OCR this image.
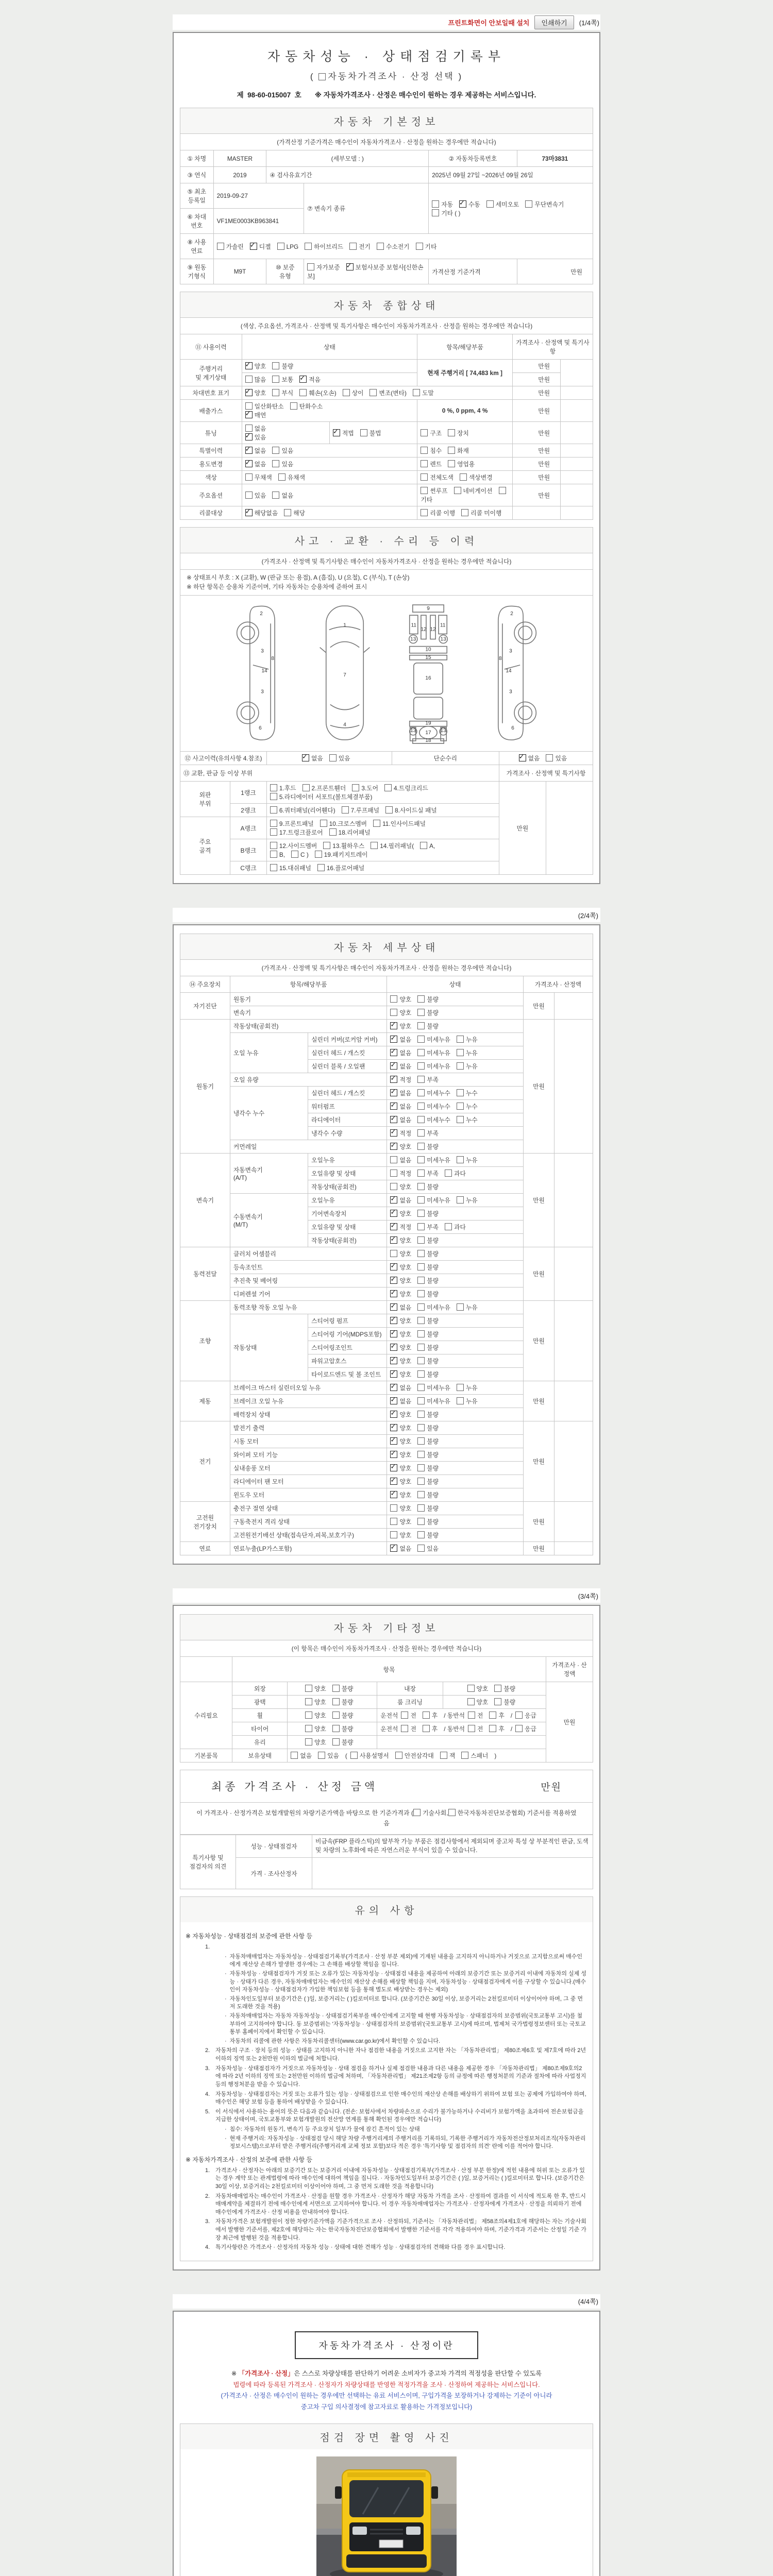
프린트화면이 안보일때 설치	인쇄하기	(1/4쪽)
자동차성능 · 상태점검기록부
( 자동차가격조사 · 산정 선택 )
제 98-60-015007 호 ※ 자동차가격조사 · 산정은 매수인이 원하는 경우 제공하는 서비스입니다.
자동차 기본정보
(가격산정 기준가격은 매수인이 자동차가격조사 · 산정을 원하는 경우에만 적습니다)
① 차명	MASTER	(세부모델 : )		② 자동차등록번호	73마3831
③ 연식	2019	④ 검사유효기간		2025년 09월 27일 ~2026년 09월 26일	
⑤ 최초
등록일	2019-09-27		⑦ 변속기 종류	자동 ✓ 수동 세미오토 무단변속기
기타 ( )
⑥ 차대
번호	VF1ME0003KB963841				
⑧ 사용
연료	가솔린 ✓ 디젤 LPG 하이브리드 전기 수소전기 기타
⑨ 원동
기형식	M9T	⑩ 보증
유형	자가보증 ✓ 보험사보증 보험사[신한손보]	가격산정 기준가격	만원
자동차 종합상태
(색상, 주요옵션, 가격조사 · 산정액 및 특기사항은 매수인이 자동차가격조사 · 산정을 원하는 경우에만 적습니다)
⑪ 사용이력	상태		항목/해당부품	가격조사 · 산정액 및 특기사
항	
주행거리
및 계기상태	✓양호 불량		현재 주행거리 [ 74,483 km ]	만원	
	많음 보통 ✓ 적음			만원	
차대번호 표기	✓양호 부식 훼손(오손) 상이 변조(변타) 도말			만원	
배출가스	일산화탄소 탄화수소
✓매연		0 %, 0 ppm, 4 %	만원	
튜닝	없음
✓있음	✓적법 불법	구조 장치	만원	
특별이력	✓없음 있음		침수 화재	만원	
용도변경	✓없음 있음		렌트 영업용	만원	
색상	무채색 유채색		전체도색 색상변경	만원	
주요옵션	있음 없음		썬루프 네비게이션기타	만원	
리콜대상	✓해당없음 해당		리콜 이행 리콜 미이행		
사고 · 교환 · 수리 등 이력
(가격조사 · 산정액 및 특기사항은 매수인이 자동차가격조사 · 산정을 원하는 경우에만 적습니다)
※ 상태표시 부호 : X (교환), W (판금 또는 용접), A (흠집), U (요철), C (부식), T (손상)
※ 하단 항목은 승용차 기준이며, 기타 자동차는 승용차에 준하여 표시
2
3
8
14
3
6
1
7
4
9
11	11
12 12
13	13
10
15
16
19
13	13
17
18
2
3
8
14
3
6
⑫ 사고이력(유의사항 4.참조)	✓없음 있음	단순수리	✓없음 있음
⑬ 교환, 판금 등 이상 부위				가격조사 · 산정액 및 특기사항	
외판
부위	1랭크	1.후드 2.프론트휀더 3.도어 4.트렁크리드
5.라디에이터 서포트(볼트체결부품)		만원	
	2랭크	6.쿼터패널(리어휀다) 7.루프패널 8.사이드실 패널			
주요
골격	A랭크	9.프론트패널 10.크로스멤버 11.인사이드패널
17.트렁크플로어 18.리어패널			
	B랭크	12.사이드멤버 13.휠하우스 14.필러패널( A,
B, C ) 19.패키지트레이			
	C랭크	15.대쉬패널 16.플로어패널			
(2/4쪽)
자동차 세부상태
(가격조사 · 산정액 및 특기사항은 매수인이 자동차가격조사 · 산정을 원하는 경우에만 적습니다)
⑭ 주요장치	항목/해당부품		상태	가격조사 · 산정액	
자기진단	원동기		양호 불량	만원	
	변속기		양호 불량		
원동기	작동상태(공회전)	✓양호 불량	만원	
	오일 누유	실린더 커버(로커암 커버)	✓없음 미세누유 누유
		실린더 헤드 / 개스킷	✓없음 미세누유 누유
		실린더 블록 / 오일팬	✓없음 미세누유 누유
	오일 유량	✓적정 부족
	냉각수 누수	실린더 헤드 / 개스킷	✓없음 미세누수 누수
		워터펌프	✓없음 미세누수 누수
		라디에이터	✓없음 미세누수 누수
		냉각수 수량	✓적정 부족
	커먼레일	✓양호 불량
변속기	자동변속기
(A/T)	오일누유	없음 미세누유 누유	만원	
		오일유량 및 상태	적정 부족 과다		
		작동상태(공회전)	양호 불량		
	수동변속기
(M/T)	오일누유	✓없음 미세누유 누유
		기어변속장치	✓양호 불량
		오일유량 및 상태	✓적정 부족 과다
		작동상태(공회전)	✓양호 불량
동력전달	클러치 어셈블리		양호 불량	만원	
	등속조인트	✓양호 불량
	추진축 및 베어링	✓양호 불량
	디퍼렌셜 기어	✓양호 불량
조향	동력조향 작동 오일 누유	✓없음 미세누유 누유	만원	
	작동상태	스티어링 펌프	✓양호 불량
		스티어링 기어(MDPS포함)	✓양호 불량
		스티어링조인트	✓양호 불량
		파워고압호스	✓양호 불량
		타이로드엔드 및 볼 조인트	✓양호 불량
제동	브레이크 마스터 실린더오일 누유	✓없음 미세누유 누유	만원	
	브레이크 오일 누유	✓없음 미세누유 누유
	배력장치 상태	✓양호 불량
전기	발전기 출력	✓양호 불량	만원	
	시동 모터	✓양호 불량
	와이퍼 모터 기능	✓양호 불량
	실내송풍 모터	✓양호 불량
	라디에이터 팬 모터	✓양호 불량
	윈도우 모터	✓양호 불량
고전원
전기장치	충전구 절연 상태		양호 불량	만원	
	구동축전지 격리 상태		양호 불량		
	고전원전기배선 상태(접속단자,피복,보호기구)		양호 불량		
연료	연료누출(LP가스포함)	✓없음 있음	만원	
(3/4쪽)
자동차 기타정보
(이 항목은 매수인이 자동차가격조사 · 산정을 원하는 경우에만 적습니다)
	항목				가격조사 · 산
정액
수리필요	외장	양호 불량	내장	양호 불량	만원
	광택	양호 불량	룸 크리닝	양호 불량	
	휠	양호 불량	운전석 전 후 / 동반석 전 후 / 응급		
	타이어	양호 불량	운전석 전 후 / 동반석 전 후 / 응급		
	유리	양호 불량			
기본품목	보유상태	없음 있음 ( 사용설명서 안전삼각대 잭 스패너 )			
최종 가격조사 · 산정 금액	만원
이 가격조사 · 산정가격은 보험개발원의 차량기준가액을 바탕으로 한 기준가격과 ( 기술사회, 한국자동차진단보증협회) 기준서를 적용하였음
특기사항 및
점검자의 의견	성능 · 상태점검자	비금속(FRP 플라스틱)의 탈부착 가능 부품은 점검사항에서 제외되며 중고차 특성 상 부분적인 판금, 도색 및 차량의 노후화에 따른 자연스러운 부식이 있을 수 있습니다.
	가격 · 조사산정자	
유의 사항
※ 자동차성능 · 상태점검의 보증에 관한 사항 등
1.
· 자동차매매업자는 자동차성능 · 상태점검기록부(가격조사 · 산정 부분 제외)에 기재된 내용을 고지하지 아니하거나 거짓으로 고지함으로써 매수인에게 재산상 손해가 발생한 경우에는 그 손해를 배상할 책임을 집니다.
· 자동차성능 · 상태점검자가 거짓 또는 오류가 있는 자동차성능 · 상태점검 내용을 제공하여 아래의 보증기간 또는 보증거리 이내에 자동차의 실제 성능 · 상태가 다른 경우, 자동차매매업자는 매수인의 재산상 손해를 배상할 책임을 지며, 자동차성능 · 상태점검자에게 이를 구상할 수 있습니다.(매수인이 자동차성능 · 상태점검자가 가입한 책임보험 등을 통해 별도로 배상받는 경우는 제외)
· 자동차인도일부터 보증기간은 ( )일, 보증거리는 ( )킬로미터로 합니다. (보증기간은 30일 이상, 보증거리는 2천킬로미터 이상이어야 하며, 그 중 먼저 도래한 것을 적용)
· 자동차매매업자는 자동차 자동차성능 · 상태점검기록부를 매수인에게 고지할 때 현행 자동차성능 · 상태점검자의 보증범위(국토교통부 고시)를 첨부하여 고지하여야 합니다. 동 보증범위는 '자동차성능 · 상태점검자의 보증범위'(국토교통부 고시)에 따르며, 법제처 국가법령정보센터 또는 국토교통부 홈페이지에서 확인할 수 있습니다.
· 자동차의 리콜에 관한 사항은 자동차리콜센터(www.car.go.kr)에서 확인할 수 있습니다.
2. 자동차의 구조 · 장치 등의 성능 · 상태를 고지하지 아니한 자나 점검한 내용을 거짓으로 고지한 자는 「자동차관리법」 제80조제6호 및 제7호에 따라 2년 이하의 징역 또는 2천만원 이하의 벌금에 처합니다.
3. 자동차성능 · 상태점검자가 거짓으로 자동차성능 · 상태 점검을 하거나 실제 점검한 내용과 다른 내용을 제공한 경우 「자동차관리법」 제80조제9호의2에 따라 2년 이하의 징역 또는 2천만원 이하의 벌금에 처하며, 「자동차관리법」 제21조제2항 등의 규정에 따른 행정처분의 기준과 절차에 따라 사업정지 등의 행정처분을 받을 수 있습니다.
4. 자동차성능 · 상태점검자는 거짓 또는 오류가 있는 성능 · 상태점검으로 인한 매수인의 재산상 손해를 배상하기 위하여 보험 또는 공제에 가입하여야 하며, 매수인은 해당 보험 등을 통하여 배상받을 수 있습니다.
5. 이 서식에서 사용하는 용어의 뜻은 다음과 같습니다. (전손: 보험사에서 차량파손으로 수리가 불가능하거나 수리비가 보험가액을 초과하여 전손보험금을 지급한 상태이며, 국토교통부와 보험개발원의 전산망 연계를 통해 확인된 경우에만 적습니다)
· 침수: 자동차의 원동기, 변속기 등 주요장치 일부가 물에 잠긴 흔적이 있는 상태
· 현재 주행거리: 자동차성능 · 상태점검 당시 해당 차량 주행거리계의 주행거리를 기록하되, 기록한 주행거리가 자동차전산정보처리조직(자동차관리정보시스템)으로부터 받은 주행거리(주행거리계 교체 정보 포함)보다 적은 경우 '특기사항 및 점검자의 의견' 란에 이를 적어야 합니다.
※ 자동차가격조사 · 산정의 보증에 관한 사항 등
1. 가격조사 · 산정자는 아래의 보증기간 또는 보증거리 이내에 자동차성능 · 상태점검기록부(가격조사 · 산정 부분 한정)에 적힌 내용에 허위 또는 오류가 있는 경우 계약 또는 관계법령에 따라 매수인에 대하여 책임을 집니다. · 자동차인도일부터 보증기간은 ( )일, 보증거리는 ( )킬로미터로 합니다. (보증기간은 30일 이상, 보증거리는 2천킬로미터 이상이어야 하며, 그 중 먼저 도래한 것을 적용합니다)
2. 자동차매매업자는 매수인이 가격조사 · 산정을 원할 경우 가격조사 · 산정자가 해당 자동차 가격을 조사 · 산정하여 결과를 이 서식에 적도록 한 후, 반드시 매매계약을 체결하기 전에 매수인에게 서면으로 고지하여야 합니다. 이 경우 자동차매매업자는 가격조사 · 산정자에게 가격조사 · 산정을 의뢰하기 전에 매수인에게 가격조사 · 산정 비용을 안내하여야 합니다.
3. 자동차가격은 보험개발원이 정한 차량기준가액을 기준가격으로 조사 · 산정하되, 기준서는 「자동차관리법」 제58조의4제1호에 해당하는 자는 기술사회에서 발행한 기준서를, 제2호에 해당하는 자는 한국자동차진단보증협회에서 발행한 기준서를 각각 적용하여야 하며, 기준가격과 기준서는 산정일 기준 가장 최근에 발행된 것을 적용합니다.
4. 특기사항란은 가격조사 · 산정자의 자동차 성능 · 상태에 대한 견해가 성능 · 상태점검자의 견해와 다를 경우 표시합니다.
(4/4쪽)
자동차가격조사 · 산정이란
※ 「가격조사 · 산정」은 스스로 차량상태를 판단하기 어려운 소비자가 중고차 가격의 적정성을 판단할 수 있도록
법령에 따라 등록된 가격조사 · 산정자가 차량상태를 반영한 적정가격을 조사 · 산정하여 제공하는 서비스입니다.
(가격조사 · 산정은 매수인이 원하는 경우에만 선택하는 유료 서비스이며, 구입가격을 보장하거나 강제하는 기준이 아니라
중고차 구입 의사결정에 참고자료로 활용하는 가격정보입니다)
점검 장면 촬영 사진
